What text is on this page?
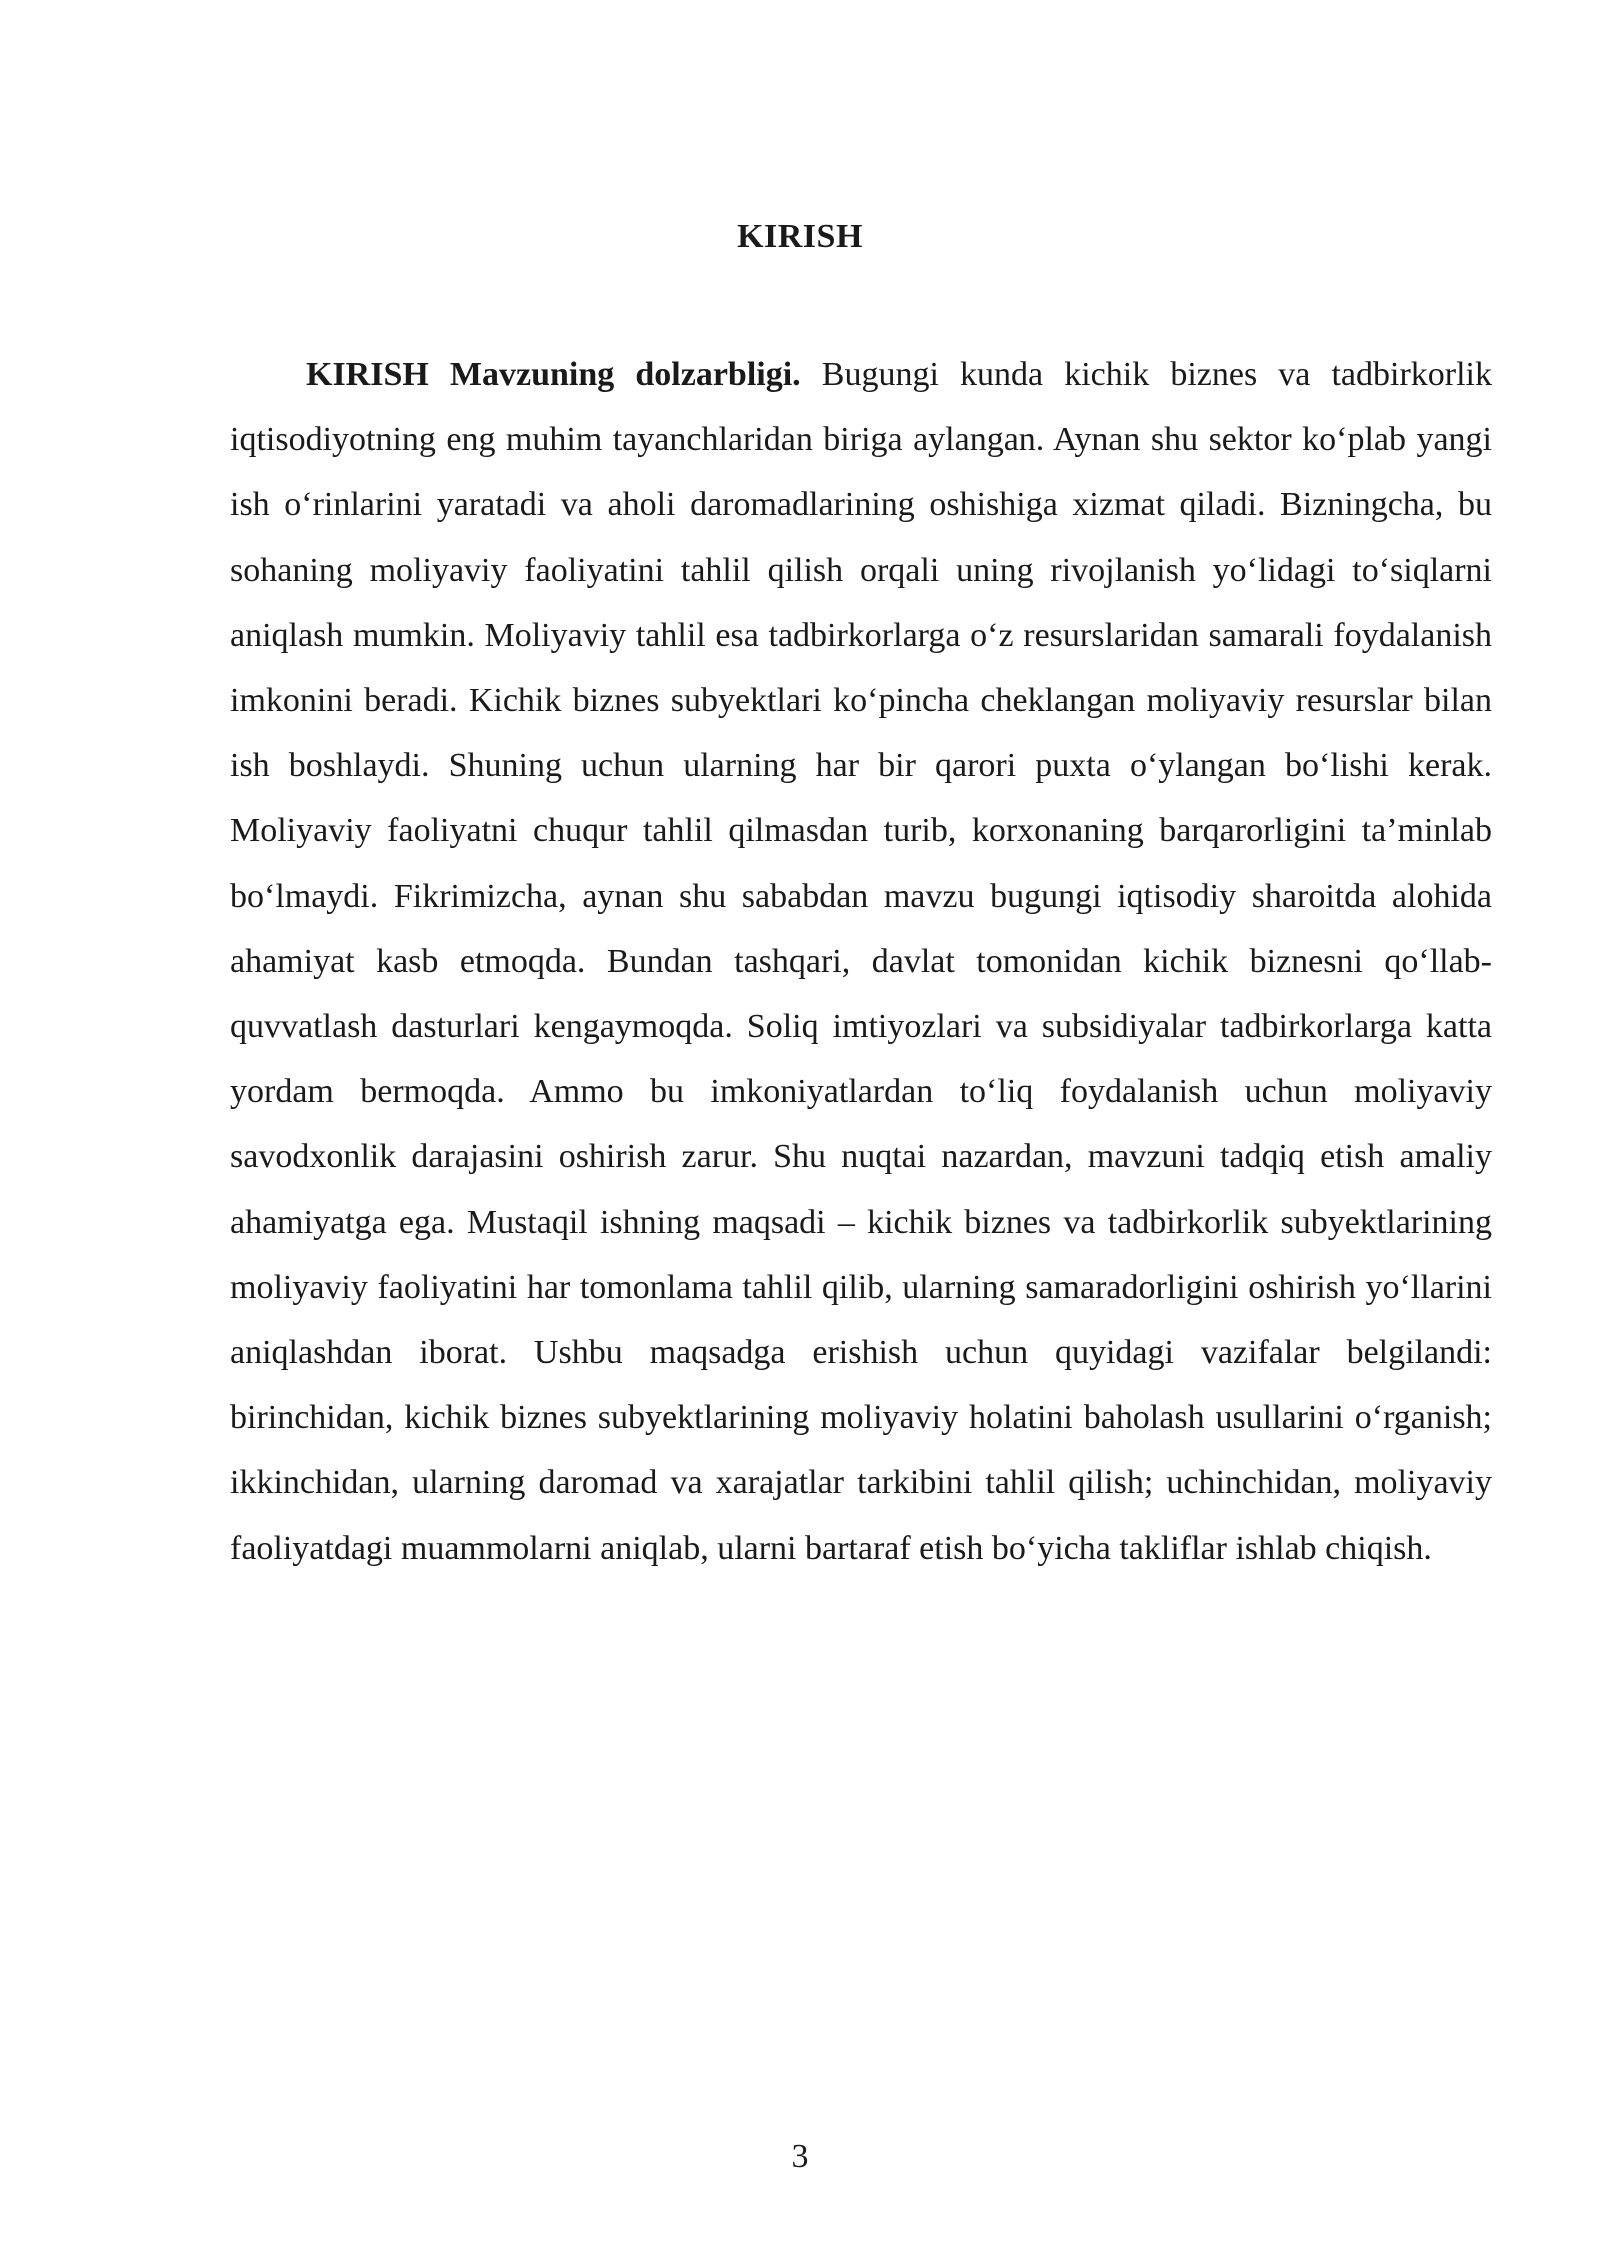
KIRISH

KIRISH Mavzuning dolzarbligi. Bugungi kunda kichik biznes va tadbirkorlik iqtisodiyotning eng muhim tayanchlaridan biriga aylangan. Aynan shu sektor ko‘plab yangi ish o‘rinlarini yaratadi va aholi daromadlarining oshishiga xizmat qiladi. Bizningcha, bu sohaning moliyaviy faoliyatini tahlil qilish orqali uning rivojlanish yo‘lidagi to‘siqlarni aniqlash mumkin. Moliyaviy tahlil esa tadbirkorlarga o‘z resurslaridan samarali foydalanish imkonini beradi. Kichik biznes subyektlari ko‘pincha cheklangan moliyaviy resurslar bilan ish boshlaydi. Shuning uchun ularning har bir qarori puxta o‘ylangan bo‘lishi kerak. Moliyaviy faoliyatni chuqur tahlil qilmasdan turib, korxonaning barqarorligini ta’minlab bo‘lmaydi. Fikrimizcha, aynan shu sababdan mavzu bugungi iqtisodiy sharoitda alohida ahamiyat kasb etmoqda. Bundan tashqari, davlat tomonidan kichik biznesni qo‘llab-quvvatlash dasturlari kengaymoqda. Soliq imtiyozlari va subsidiyalar tadbirkorlarga katta yordam bermoqda. Ammo bu imkoniyatlardan to‘liq foydalanish uchun moliyaviy savodxonlik darajasini oshirish zarur. Shu nuqtai nazardan, mavzuni tadqiq etish amaliy ahamiyatga ega. Mustaqil ishning maqsadi – kichik biznes va tadbirkorlik subyektlarining moliyaviy faoliyatini har tomonlama tahlil qilib, ularning samaradorligini oshirish yo‘llarini aniqlashdan iborat. Ushbu maqsadga erishish uchun quyidagi vazifalar belgilandi: birinchidan, kichik biznes subyektlarining moliyaviy holatini baholash usullarini o‘rganish; ikkinchidan, ularning daromad va xarajatlar tarkibini tahlil qilish; uchinchidan, moliyaviy faoliyatdagi muammolarni aniqlab, ularni bartaraf etish bo‘yicha takliflar ishlab chiqish.

3
